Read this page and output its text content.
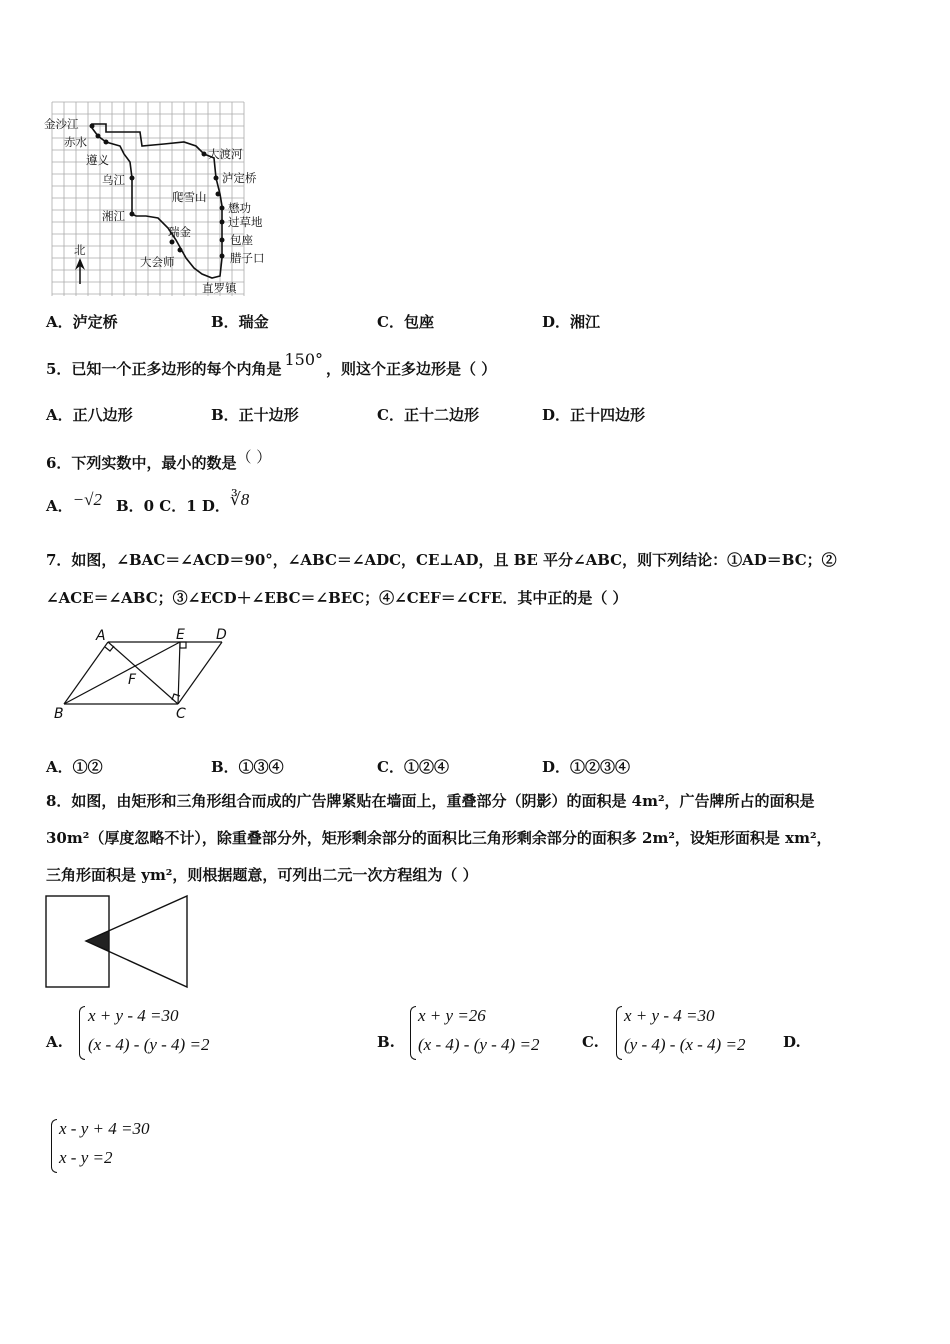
金沙江
赤水
遵义
乌江
湘江
大会师
瑞金
腊子口
包座
过草地
懋功
爬雪山
泸定桥
大渡河
直罗镇
北
A．泸定桥	B．瑞金	C．包座	D．湘江
5．已知一个正多边形的每个内角是 150° ，则这个正多边形是（ ）
A．正八边形	B．正十边形	C．正十二边形	D．正十四边形
6．下列实数中，最小的数是（ ）
A．−√2 B．0 C．1 D．∛8
7．如图，∠BAC＝∠ACD＝90°，∠ABC＝∠ADC，CE⊥AD，且 BE 平分∠ABC，则下列结论：①AD＝BC；②
∠ACE＝∠ABC；③∠ECD＋∠EBC＝∠BEC；④∠CEF＝∠CFE．其中正的是（ ）
A	E D
F
B	C
A．①②	B．①③④	C．①②④	D．①②③④
8．如图，由矩形和三角形组合而成的广告牌紧贴在墙面上，重叠部分（阴影）的面积是 4m²，广告牌所占的面积是
30m²（厚度忽略不计），除重叠部分外，矩形剩余部分的面积比三角形剩余部分的面积多 2m²，设矩形面积是 xm²，
三角形面积是 ym²，则根据题意，可列出二元一次方程组为（ ）
A.
x + y - 4 =30
(x - 4) - (y - 4) =2	B.
x + y =26
(x - 4) - (y - 4) =2	C.
x + y - 4 =30
(y - 4) - (x - 4) =2	D.
x - y + 4 =30
x - y =2
